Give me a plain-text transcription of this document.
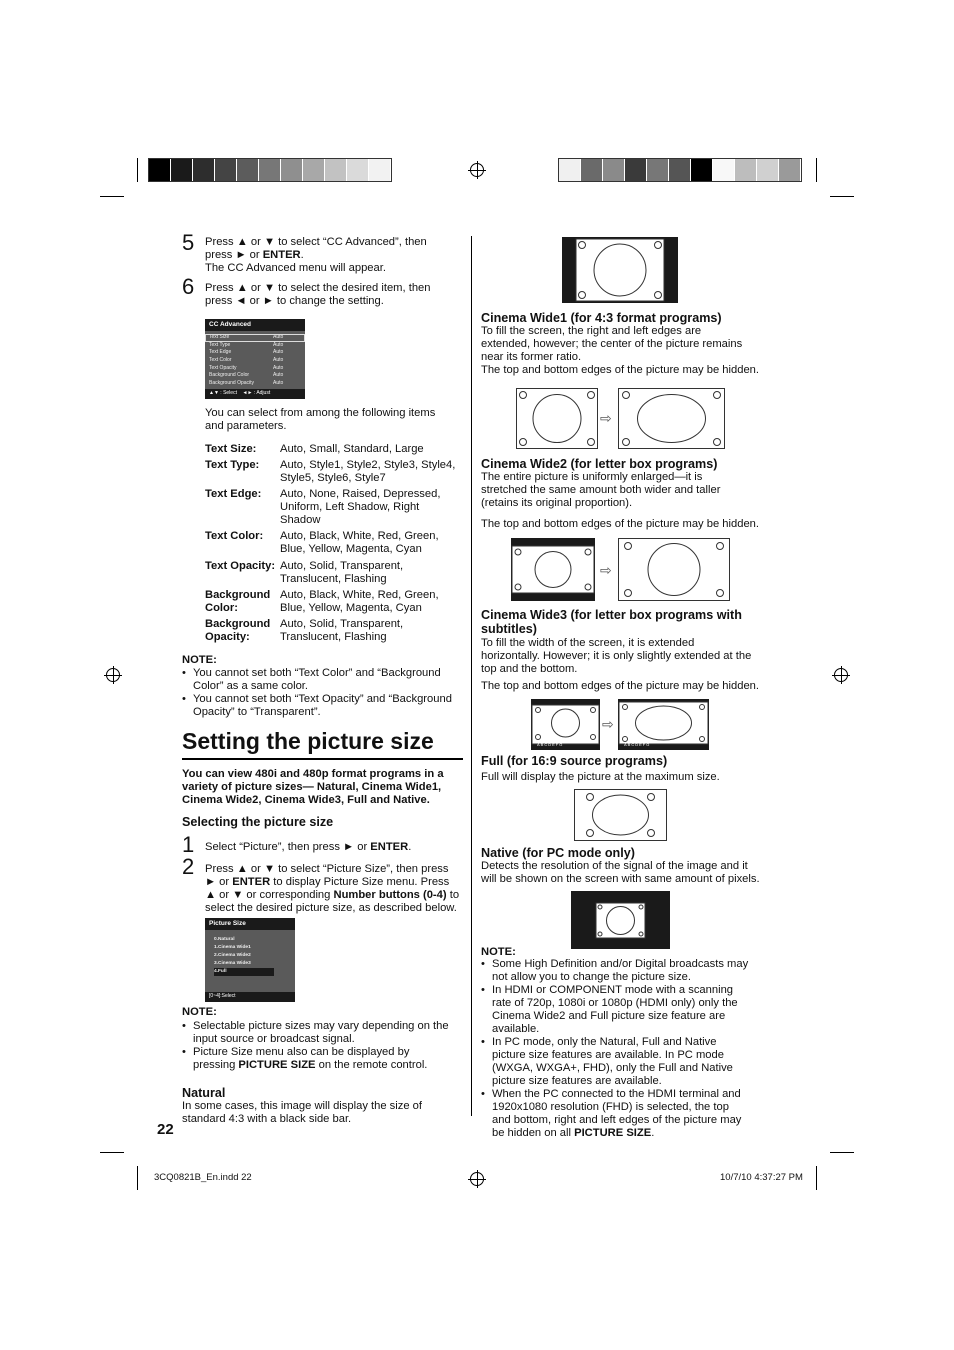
5 Press ▲ or ▼ to select “CC Advanced”, then
press ► or ENTER.
The CC Advanced menu will appear.
6 Press ▲ or ▼ to select the desired item, then
press ◄ or ► to change the setting.
CC Advanced
Text Size	Auto
Text Type	Auto
Text Edge	Auto
Text Color	Auto
Text Opacity	Auto
Background Color	Auto
Background Opacity	Auto
▲▼ : Select ◄► : Adjust
You can select from among the following items
and parameters.
Text Size: Auto, Small, Standard, Large
Text Type: Auto, Style1, Style2, Style3, Style4,
Style5, Style6, Style7
Text Edge: Auto, None, Raised, Depressed,
Uniform, Left Shadow, Right
Shadow
Text Color: Auto, Black, White, Red, Green,
Blue, Yellow, Magenta, Cyan
Text Opacity: Auto, Solid, Transparent,
Translucent, Flashing
Background
Color:
Auto, Black, White, Red, Green,
Blue, Yellow, Magenta, Cyan
Background
Opacity:
Auto, Solid, Transparent,
Translucent, Flashing
NOTE:
• You cannot set both “Text Color” and “Background
Color” as a same color.
• You cannot set both “Text Opacity” and “Background
Opacity” to “Transparent”.
Setting the picture size
You can view 480i and 480p format programs in a
variety of picture sizes— Natural, Cinema Wide1,
Cinema Wide2, Cinema Wide3, Full and Native.
Selecting the picture size
1 Select “Picture”, then press ► or ENTER.
2 Press ▲ or ▼ to select “Picture Size”, then press
► or ENTER to display Picture Size menu. Press
▲ or ▼ or corresponding Number buttons (0-4) to
select the desired picture size, as described below.
Picture Size
0.Natural
1.Cinema Wide1
2.Cinema Wide2
3.Cinema Wide3
4.Full
[0~4]:Select
NOTE:
• Selectable picture sizes may vary depending on the
input source or broadcast signal.
• Picture Size menu also can be displayed by
pressing PICTURE SIZE on the remote control.
Natural
In some cases, this image will display the size of
standard 4:3 with a black side bar.
22
Cinema Wide1 (for 4:3 format programs)
To fill the screen, the right and left edges are
extended, however; the center of the picture remains
near its former ratio.
The top and bottom edges of the picture may be hidden.
⇨
Cinema Wide2 (for letter box programs)
The entire picture is uniformly enlarged—it is
stretched the same amount both wider and taller
(retains its original proportion).
The top and bottom edges of the picture may be hidden.
⇨
Cinema Wide3 (for letter box programs with
subtitles)
To fill the width of the screen, it is extended
horizontally. However; it is only slightly extended at the
top and the bottom.
The top and bottom edges of the picture may be hidden.
ABCDEFG
⇨
ABCDEFG
Full (for 16:9 source programs)
Full will display the picture at the maximum size.
Native (for PC mode only)
Detects the resolution of the signal of the image and it
will be shown on the screen with same amount of pixels.
NOTE:
• Some High Definition and/or Digital broadcasts may
not allow you to change the picture size.
• In HDMI or COMPONENT mode with a scanning
rate of 720p, 1080i or 1080p (HDMI only) only the
Cinema Wide2 and Full picture size feature are
available.
• In PC mode, only the Natural, Full and Native
picture size features are available. In PC mode
(WXGA, WXGA+, FHD), only the Full and Native
picture size features are available.
• When the PC connected to the HDMI terminal and
1920x1080 resolution (FHD) is selected, the top
and bottom, right and left edges of the picture may
be hidden on all PICTURE SIZE.
3CQ0821B_En.indd 22	10/7/10 4:37:27 PM
